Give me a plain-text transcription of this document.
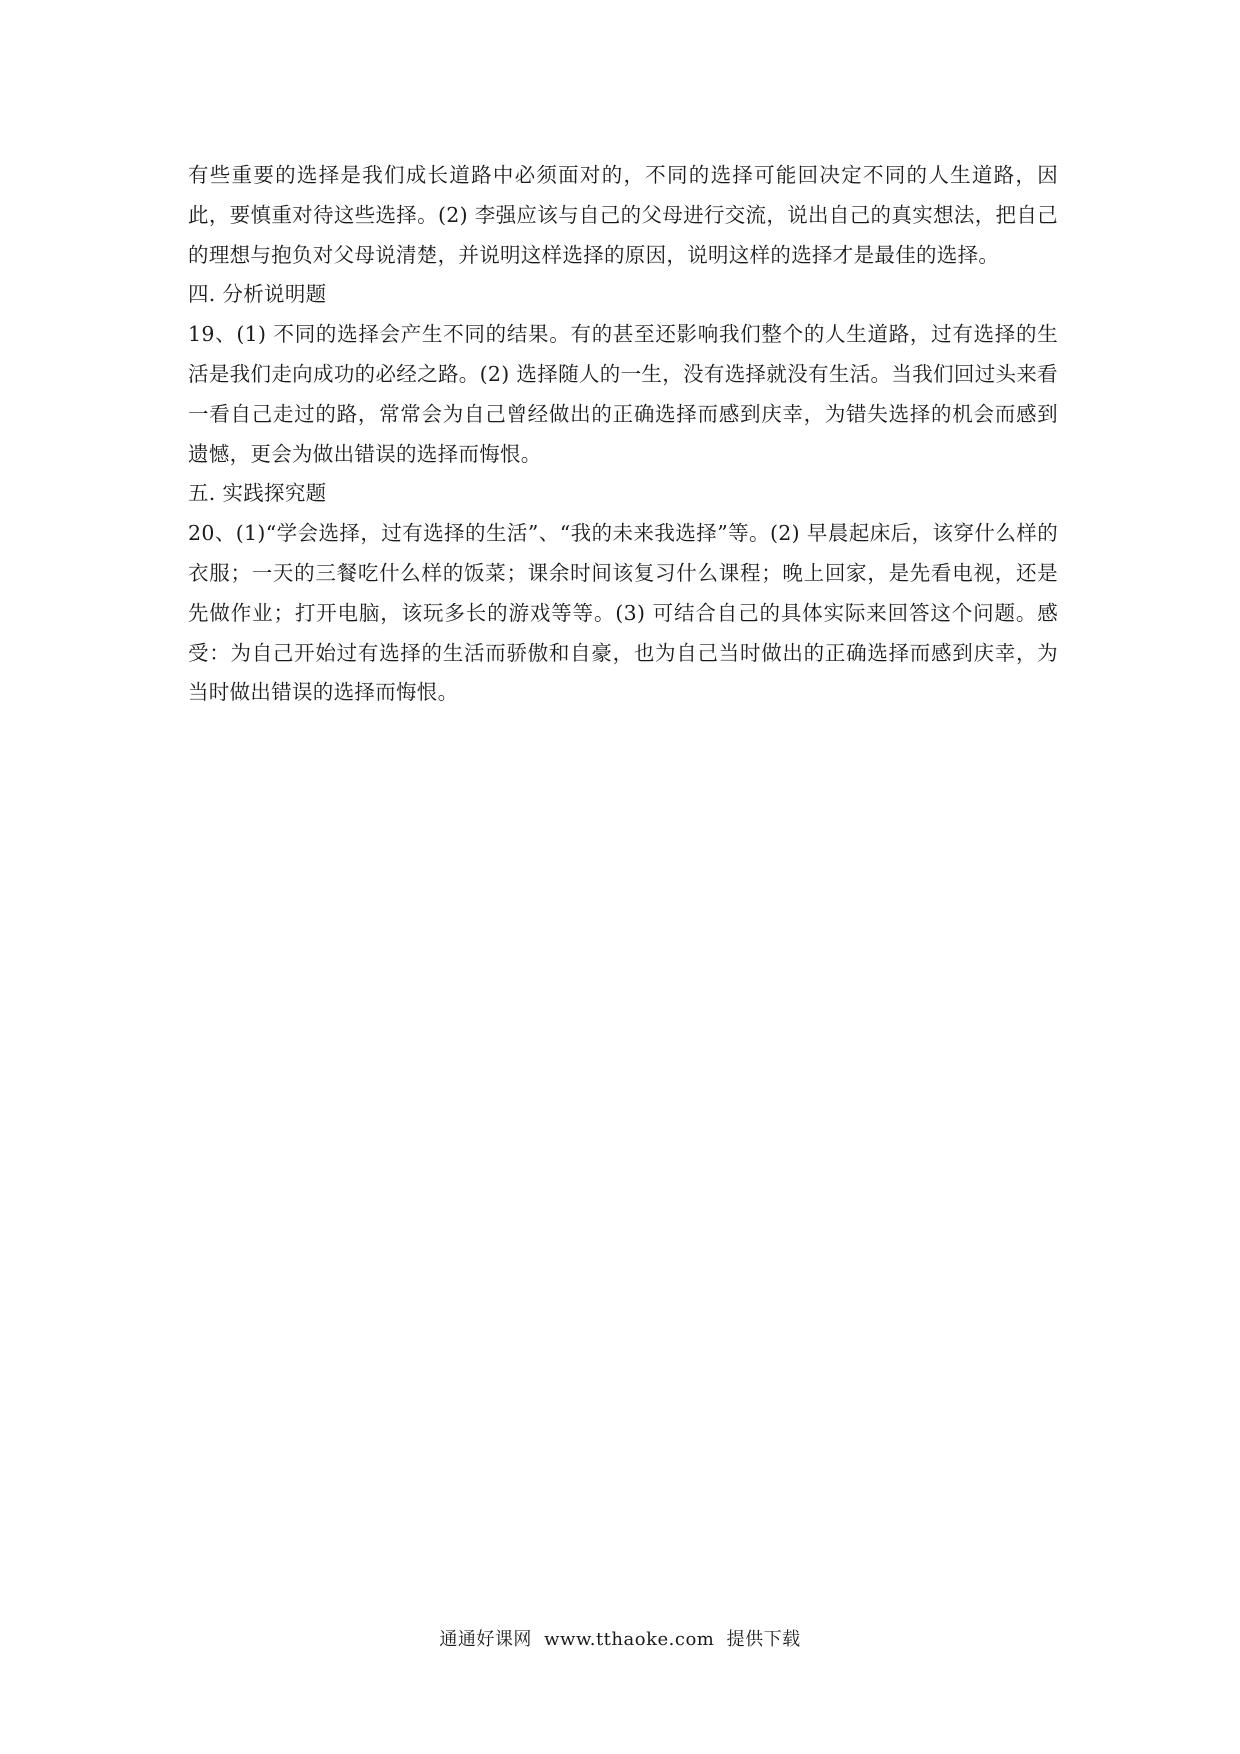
有些重要的选择是我们成长道路中必须面对的，不同的选择可能回决定不同的人生道路，因此，要慎重对待这些选择。(2) 李强应该与自己的父母进行交流，说出自己的真实想法，把自己的理想与抱负对父母说清楚，并说明这样选择的原因，说明这样的选择才是最佳的选择。

四. 分析说明题

19、(1) 不同的选择会产生不同的结果。有的甚至还影响我们整个的人生道路，过有选择的生活是我们走向成功的必经之路。(2) 选择随人的一生，没有选择就没有生活。当我们回过头来看一看自己走过的路，常常会为自己曾经做出的正确选择而感到庆幸，为错失选择的机会而感到遗憾，更会为做出错误的选择而悔恨。

五. 实践探究题

20、(1)“学会选择，过有选择的生活”、“我的未来我选择”等。(2) 早晨起床后，该穿什么样的衣服；一天的三餐吃什么样的饭菜；课余时间该复习什么课程；晚上回家，是先看电视，还是先做作业；打开电脑，该玩多长的游戏等等。(3) 可结合自己的具体实际来回答这个问题。感受：为自己开始过有选择的生活而骄傲和自豪，也为自己当时做出的正确选择而感到庆幸，为当时做出错误的选择而悔恨。

通通好课网 www.tthaoke.com 提供下载
